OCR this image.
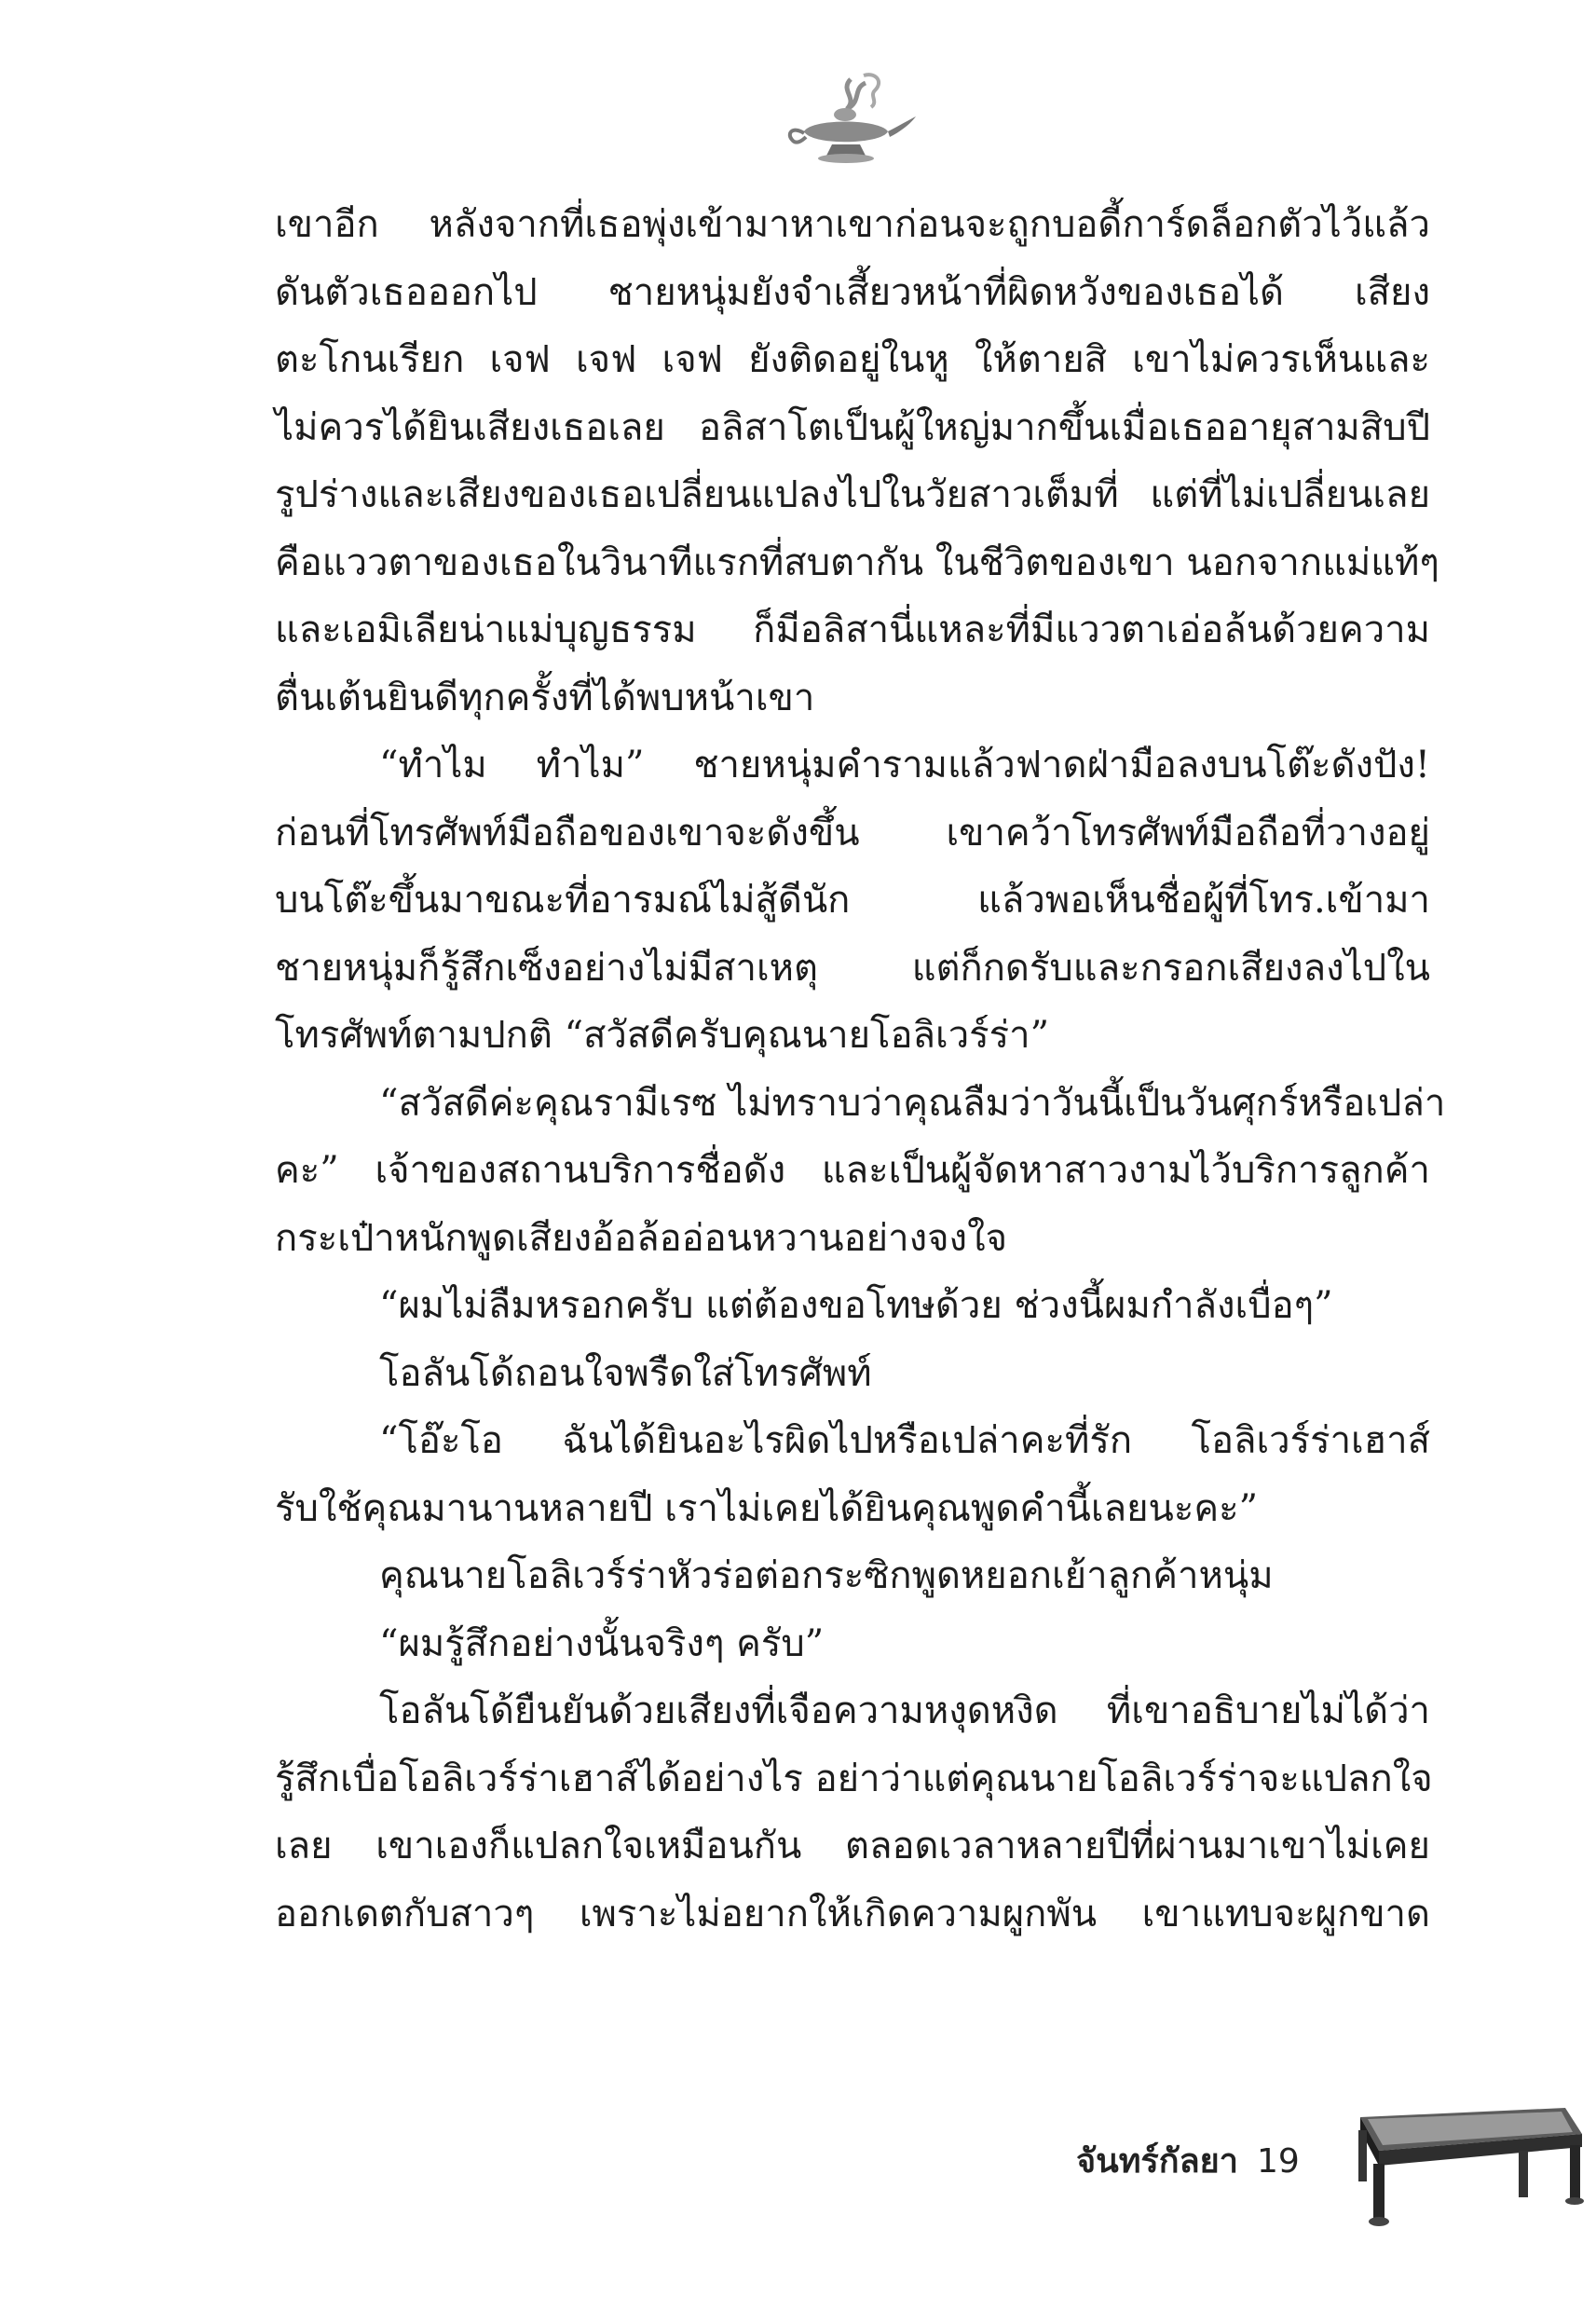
เขาอีก หลังจากที่เธอพุ่งเข้ามาหาเขาก่อนจะถูกบอดี้การ์ดล็อกตัวไว้แล้ว
ดันตัวเธอออกไป ชายหนุ่มยังจำเสี้ยวหน้าที่ผิดหวังของเธอได้ เสียง
ตะโกนเรียก เจฟ เจฟ เจฟ ยังติดอยู่ในหู ให้ตายสิ เขาไม่ควรเห็นและ
ไม่ควรได้ยินเสียงเธอเลย อลิสาโตเป็นผู้ใหญ่มากขึ้นเมื่อเธออายุสามสิบปี
รูปร่างและเสียงของเธอเปลี่ยนแปลงไปในวัยสาวเต็มที่ แต่ที่ไม่เปลี่ยนเลย
คือแววตาของเธอในวินาทีแรกที่สบตากัน ในชีวิตของเขา นอกจากแม่แท้ๆ
และเอมิเลียน่าแม่บุญธรรม ก็มีอลิสานี่แหละที่มีแววตาเอ่อล้นด้วยความ
ตื่นเต้นยินดีทุกครั้งที่ได้พบหน้าเขา
“ทำไม ทำไม” ชายหนุ่มคำรามแล้วฟาดฝ่ามือลงบนโต๊ะดังปัง!
ก่อนที่โทรศัพท์มือถือของเขาจะดังขึ้น เขาคว้าโทรศัพท์มือถือที่วางอยู่
บนโต๊ะขึ้นมาขณะที่อารมณ์ไม่สู้ดีนัก แล้วพอเห็นชื่อผู้ที่โทร.เข้ามา
ชายหนุ่มก็รู้สึกเซ็งอย่างไม่มีสาเหตุ แต่ก็กดรับและกรอกเสียงลงไปใน
โทรศัพท์ตามปกติ “สวัสดีครับคุณนายโอลิเวร์ร่า”
“สวัสดีค่ะคุณรามีเรซ ไม่ทราบว่าคุณลืมว่าวันนี้เป็นวันศุกร์หรือเปล่า
คะ” เจ้าของสถานบริการชื่อดัง และเป็นผู้จัดหาสาวงามไว้บริการลูกค้า
กระเป๋าหนักพูดเสียงอ้อล้ออ่อนหวานอย่างจงใจ
“ผมไม่ลืมหรอกครับ แต่ต้องขอโทษด้วย ช่วงนี้ผมกำลังเบื่อๆ”
โอลันโด้ถอนใจพรืดใส่โทรศัพท์
“โอ๊ะโอ ฉันได้ยินอะไรผิดไปหรือเปล่าคะที่รัก โอลิเวร์ร่าเฮาส์
รับใช้คุณมานานหลายปี เราไม่เคยได้ยินคุณพูดคำนี้เลยนะคะ”
คุณนายโอลิเวร์ร่าหัวร่อต่อกระซิกพูดหยอกเย้าลูกค้าหนุ่ม
“ผมรู้สึกอย่างนั้นจริงๆ ครับ”
โอลันโด้ยืนยันด้วยเสียงที่เจือความหงุดหงิด ที่เขาอธิบายไม่ได้ว่า
รู้สึกเบื่อโอลิเวร์ร่าเฮาส์ได้อย่างไร อย่าว่าแต่คุณนายโอลิเวร์ร่าจะแปลกใจ
เลย เขาเองก็แปลกใจเหมือนกัน ตลอดเวลาหลายปีที่ผ่านมาเขาไม่เคย
ออกเดตกับสาวๆ เพราะไม่อยากให้เกิดความผูกพัน เขาแทบจะผูกขาด
จันทร์กัลยา 19
